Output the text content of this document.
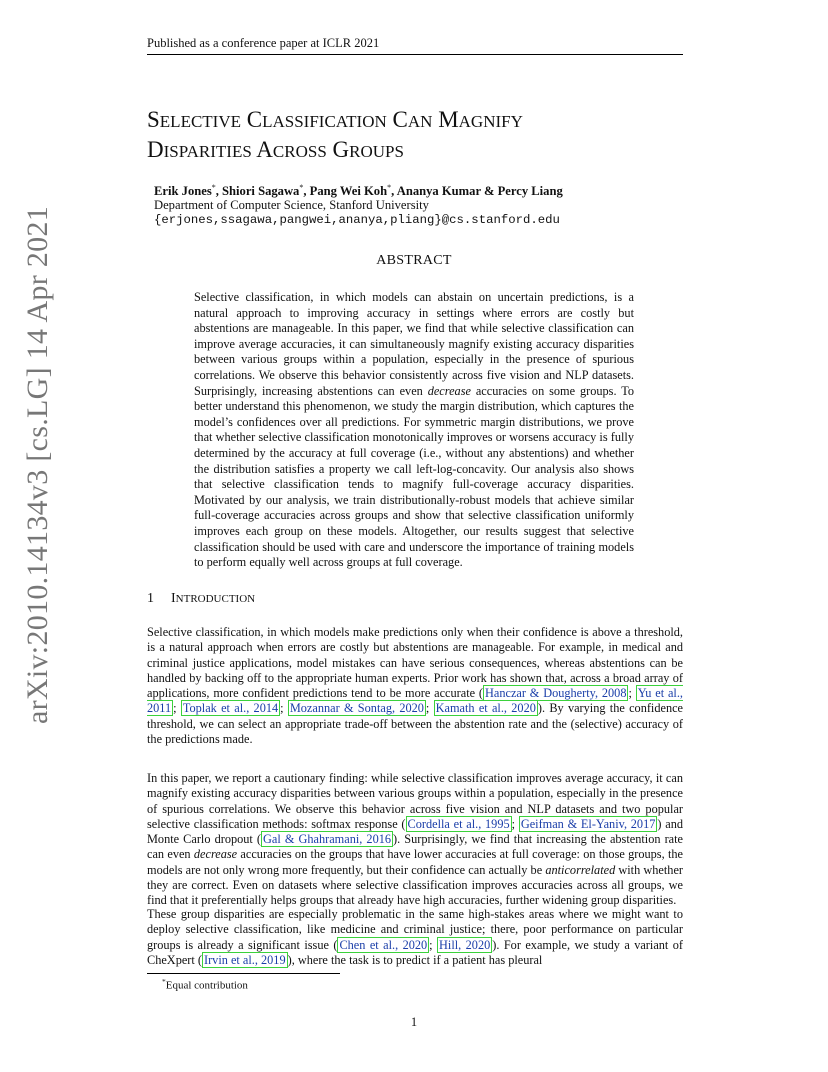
Published as a conference paper at ICLR 2021
SELECTIVE CLASSIFICATION CAN MAGNIFY
DISPARITIES ACROSS GROUPS
Erik Jones*, Shiori Sagawa*, Pang Wei Koh*, Ananya Kumar & Percy Liang
Department of Computer Science, Stanford University
{erjones,ssagawa,pangwei,ananya,pliang}@cs.stanford.edu
ABSTRACT
Selective classification, in which models can abstain on uncertain predictions, is a natural approach to improving accuracy in settings where errors are costly but abstentions are manageable. In this paper, we find that while selective classification can improve average accuracies, it can simultaneously magnify existing accuracy disparities between various groups within a population, especially in the presence of spurious correlations. We observe this behavior consistently across five vision and NLP datasets. Surprisingly, increasing abstentions can even decrease accuracies on some groups. To better understand this phenomenon, we study the margin distribution, which captures the model’s confidences over all predictions. For symmetric margin distributions, we prove that whether selective classification monotonically improves or worsens accuracy is fully determined by the accuracy at full coverage (i.e., without any abstentions) and whether the distribution satisfies a property we call left-log-concavity. Our analysis also shows that selective classification tends to magnify full-coverage accuracy disparities. Motivated by our analysis, we train distributionally-robust models that achieve similar full-coverage accuracies across groups and show that selective classification uniformly improves each group on these models. Altogether, our results suggest that selective classification should be used with care and underscore the importance of training models to perform equally well across groups at full coverage.
1 INTRODUCTION

Selective classification, in which models make predictions only when their confidence is above a threshold, is a natural approach when errors are costly but abstentions are manageable. For example, in medical and criminal justice applications, model mistakes can have serious consequences, whereas abstentions can be handled by backing off to the appropriate human experts. Prior work has shown that, across a broad array of applications, more confident predictions tend to be more accurate ( Hanczar & Dougherty, 2008 ; Yu et al., 2011 ; Toplak et al., 2014 ; Mozannar & Sontag, 2020 ; Kamath et al., 2020 ). By varying the confidence threshold, we can select an appropriate trade-off between the abstention rate and the (selective) accuracy of the predictions made.

In this paper, we report a cautionary finding: while selective classification improves average accuracy, it can magnify existing accuracy disparities between various groups within a population, especially in the presence of spurious correlations. We observe this behavior across five vision and NLP datasets and two popular selective classification methods: softmax response ( Cordella et al., 1995 ; Geifman & El-Yaniv, 2017 ) and Monte Carlo dropout ( Gal & Ghahramani, 2016 ). Surprisingly, we find that increasing the abstention rate can even decrease accuracies on the groups that have lower accuracies at full coverage: on those groups, the models are not only wrong more frequently, but their confidence can actually be anticorrelated with whether they are correct. Even on datasets where selective classification improves accuracies across all groups, we find that it preferentially helps groups that already have high accuracies, further widening group disparities.

These group disparities are especially problematic in the same high-stakes areas where we might want to deploy selective classification, like medicine and criminal justice; there, poor performance on particular groups is already a significant issue ( Chen et al., 2020 ; Hill, 2020 ). For example, we study a variant of CheXpert ( Irvin et al., 2019 ), where the task is to predict if a patient has pleural

*Equal contribution
1
arXiv:2010.14134v3 [cs.LG] 14 Apr 2021
